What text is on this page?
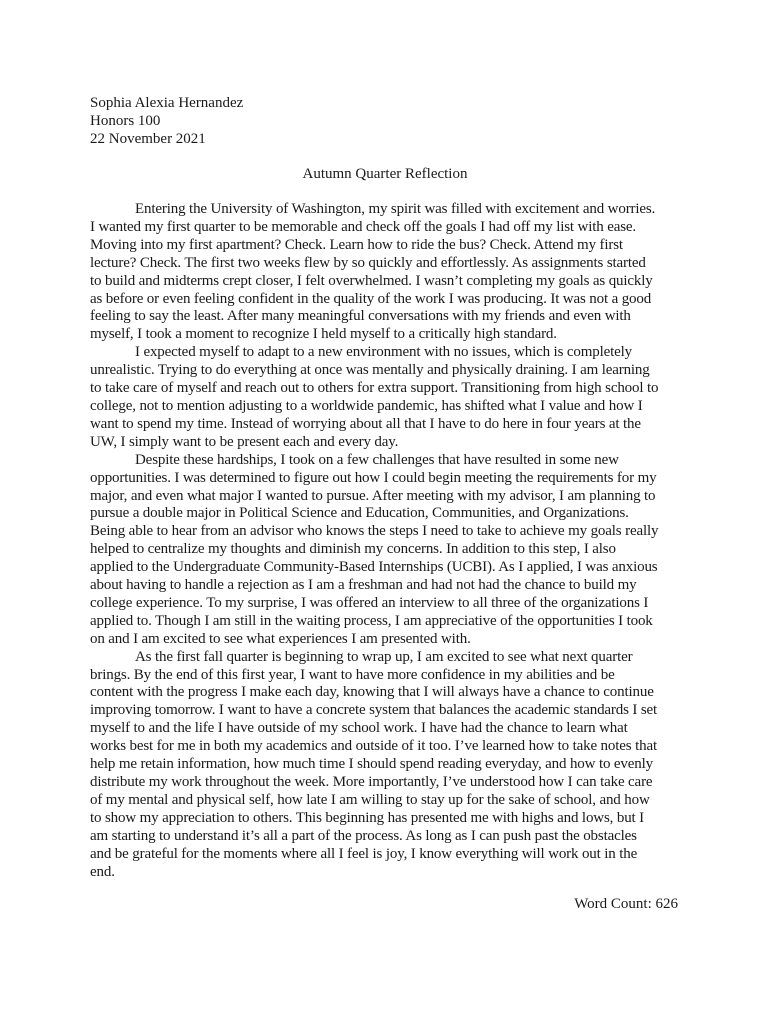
Sophia Alexia Hernandez

Honors 100

22 November 2021

Autumn Quarter Reflection

Entering the University of Washington, my spirit was filled with excitement and worries.
I wanted my first quarter to be memorable and check off the goals I had off my list with ease.
Moving into my first apartment? Check. Learn how to ride the bus? Check. Attend my first
lecture? Check. The first two weeks flew by so quickly and effortlessly. As assignments started
to build and midterms crept closer, I felt overwhelmed. I wasn’t completing my goals as quickly
as before or even feeling confident in the quality of the work I was producing. It was not a good
feeling to say the least. After many meaningful conversations with my friends and even with
myself, I took a moment to recognize I held myself to a critically high standard.

I expected myself to adapt to a new environment with no issues, which is completely
unrealistic. Trying to do everything at once was mentally and physically draining. I am learning
to take care of myself and reach out to others for extra support. Transitioning from high school to
college, not to mention adjusting to a worldwide pandemic, has shifted what I value and how I
want to spend my time. Instead of worrying about all that I have to do here in four years at the
UW, I simply want to be present each and every day.

Despite these hardships, I took on a few challenges that have resulted in some new
opportunities. I was determined to figure out how I could begin meeting the requirements for my
major, and even what major I wanted to pursue. After meeting with my advisor, I am planning to
pursue a double major in Political Science and Education, Communities, and Organizations.
Being able to hear from an advisor who knows the steps I need to take to achieve my goals really
helped to centralize my thoughts and diminish my concerns. In addition to this step, I also
applied to the Undergraduate Community-Based Internships (UCBI). As I applied, I was anxious
about having to handle a rejection as I am a freshman and had not had the chance to build my
college experience. To my surprise, I was offered an interview to all three of the organizations I
applied to. Though I am still in the waiting process, I am appreciative of the opportunities I took
on and I am excited to see what experiences I am presented with.

As the first fall quarter is beginning to wrap up, I am excited to see what next quarter
brings. By the end of this first year, I want to have more confidence in my abilities and be
content with the progress I make each day, knowing that I will always have a chance to continue
improving tomorrow. I want to have a concrete system that balances the academic standards I set
myself to and the life I have outside of my school work. I have had the chance to learn what
works best for me in both my academics and outside of it too. I’ve learned how to take notes that
help me retain information, how much time I should spend reading everyday, and how to evenly
distribute my work throughout the week. More importantly, I’ve understood how I can take care
of my mental and physical self, how late I am willing to stay up for the sake of school, and how
to show my appreciation to others. This beginning has presented me with highs and lows, but I
am starting to understand it’s all a part of the process. As long as I can push past the obstacles
and be grateful for the moments where all I feel is joy, I know everything will work out in the
end.

Word Count: 626
